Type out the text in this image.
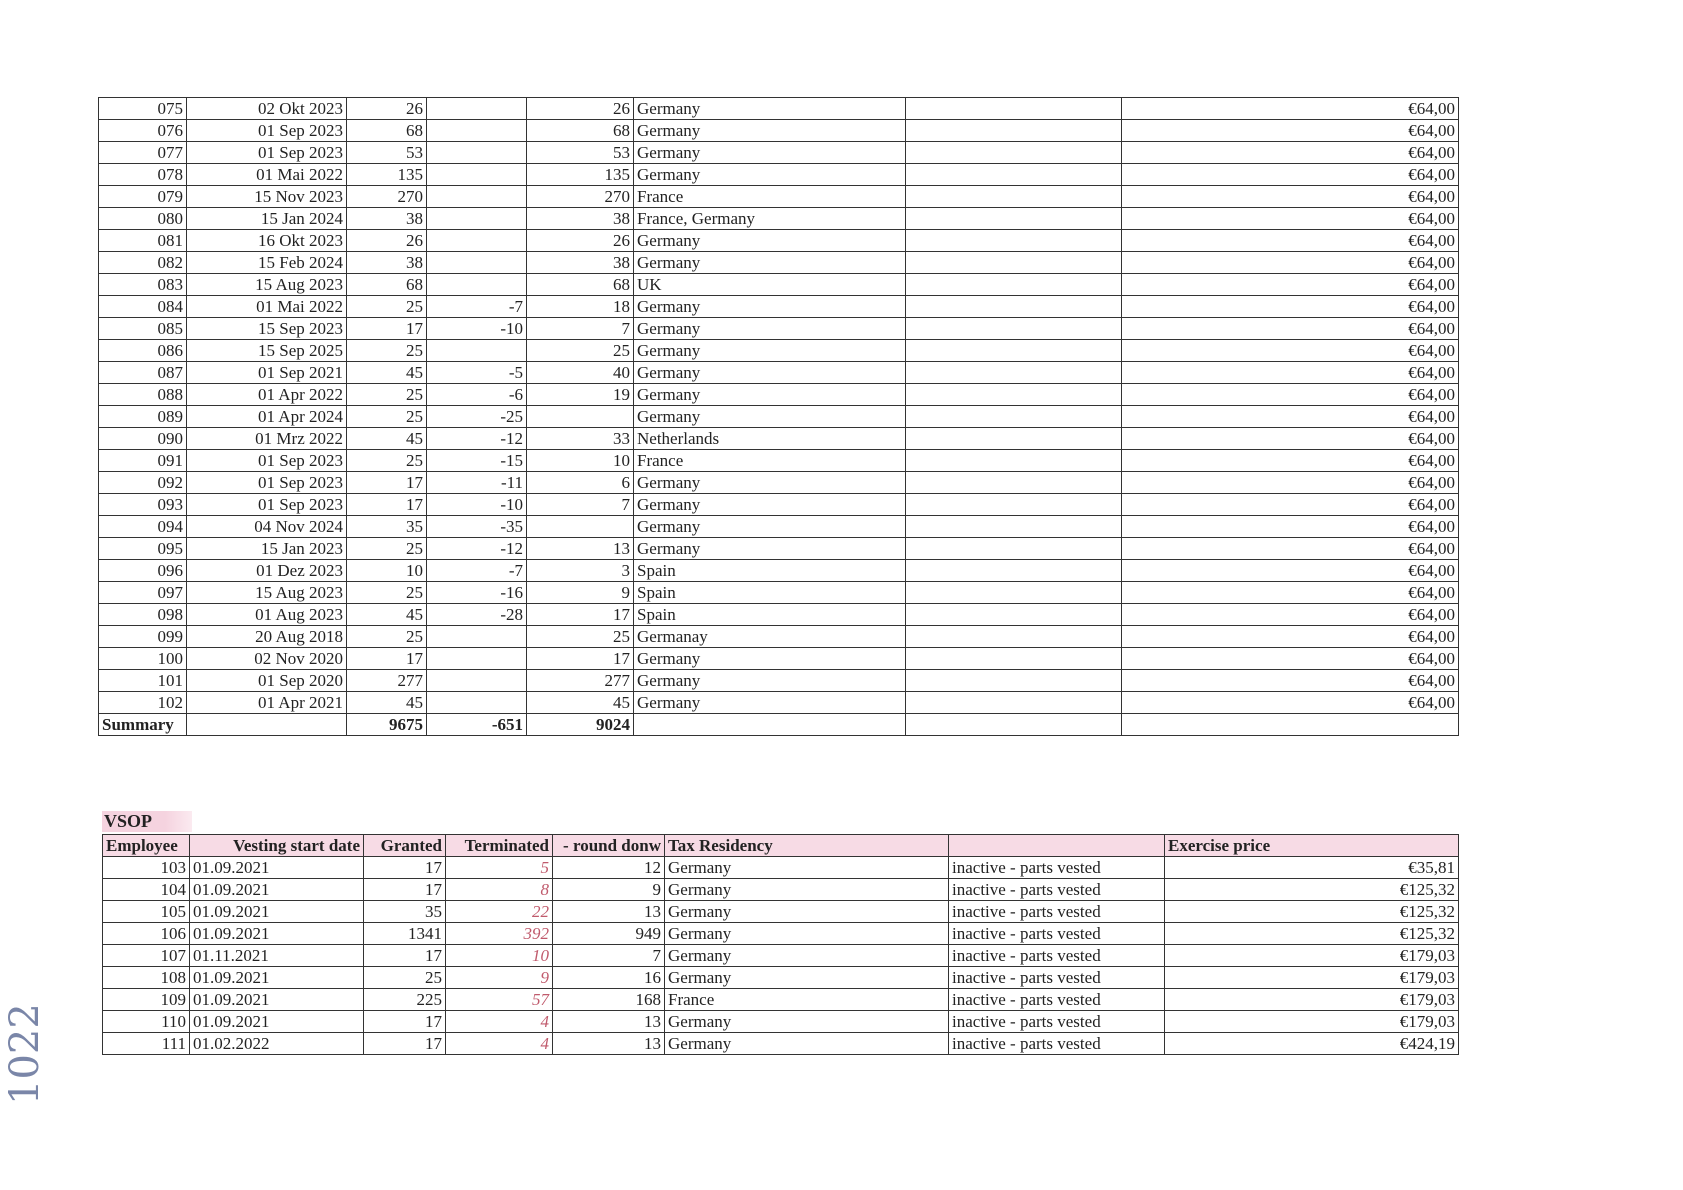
075	02 Okt 2023	26		26	Germany		€64,00
076	01 Sep 2023	68		68	Germany		€64,00
077	01 Sep 2023	53		53	Germany		€64,00
078	01 Mai 2022	135		135	Germany		€64,00
079	15 Nov 2023	270		270	France		€64,00
080	15 Jan 2024	38		38	France, Germany		€64,00
081	16 Okt 2023	26		26	Germany		€64,00
082	15 Feb 2024	38		38	Germany		€64,00
083	15 Aug 2023	68		68	UK		€64,00
084	01 Mai 2022	25	-7	18	Germany		€64,00
085	15 Sep 2023	17	-10	7	Germany		€64,00
086	15 Sep 2025	25		25	Germany		€64,00
087	01 Sep 2021	45	-5	40	Germany		€64,00
088	01 Apr 2022	25	-6	19	Germany		€64,00
089	01 Apr 2024	25	-25		Germany		€64,00
090	01 Mrz 2022	45	-12	33	Netherlands		€64,00
091	01 Sep 2023	25	-15	10	France		€64,00
092	01 Sep 2023	17	-11	6	Germany		€64,00
093	01 Sep 2023	17	-10	7	Germany		€64,00
094	04 Nov 2024	35	-35		Germany		€64,00
095	15 Jan 2023	25	-12	13	Germany		€64,00
096	01 Dez 2023	10	-7	3	Spain		€64,00
097	15 Aug 2023	25	-16	9	Spain		€64,00
098	01 Aug 2023	45	-28	17	Spain		€64,00
099	20 Aug 2018	25		25	Germanay		€64,00
100	02 Nov 2020	17		17	Germany		€64,00
101	01 Sep 2020	277		277	Germany		€64,00
102	01 Apr 2021	45		45	Germany		€64,00
Summary		9675	-651	9024			
VSOP
Employee	Vesting start date	Granted	Terminated	- round donw	Tax Residency		Exercise price
103	01.09.2021	17	5	12	Germany	inactive - parts vested	€35,81
104	01.09.2021	17	8	9	Germany	inactive - parts vested	€125,32
105	01.09.2021	35	22	13	Germany	inactive - parts vested	€125,32
106	01.09.2021	1341	392	949	Germany	inactive - parts vested	€125,32
107	01.11.2021	17	10	7	Germany	inactive - parts vested	€179,03
108	01.09.2021	25	9	16	Germany	inactive - parts vested	€179,03
109	01.09.2021	225	57	168	France	inactive - parts vested	€179,03
110	01.09.2021	17	4	13	Germany	inactive - parts vested	€179,03
111	01.02.2022	17	4	13	Germany	inactive - parts vested	€424,19
1022
